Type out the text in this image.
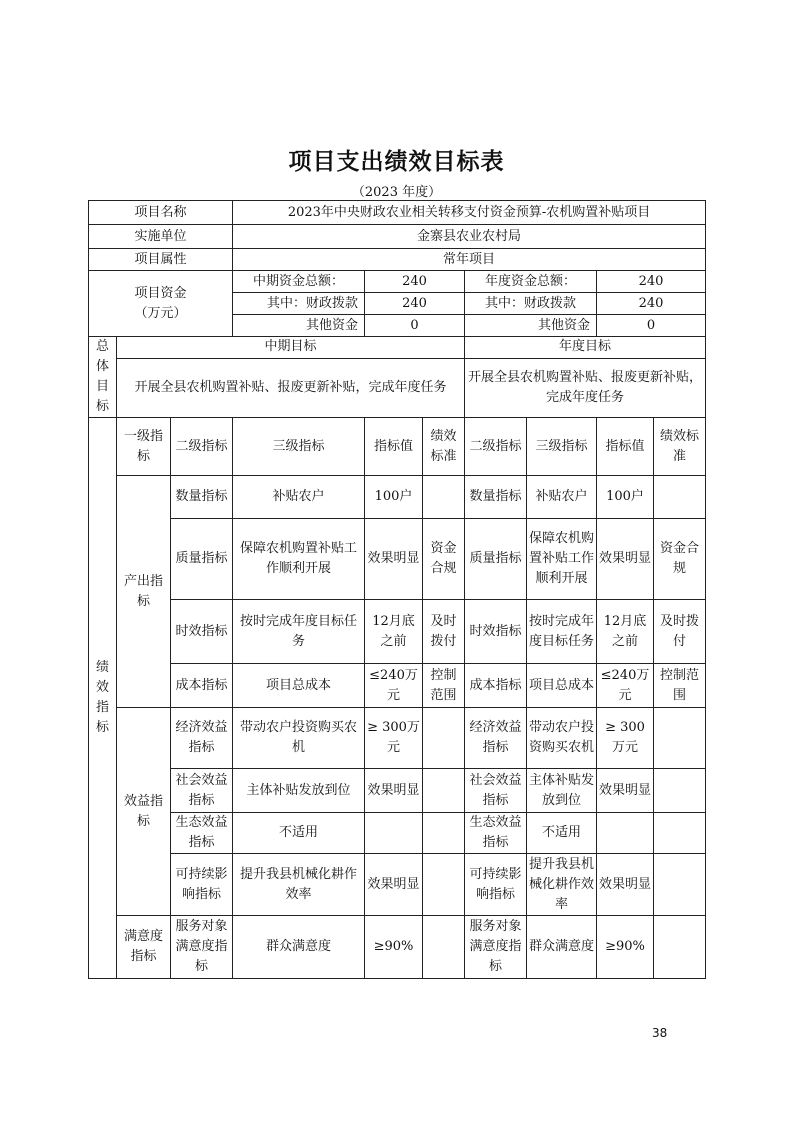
项目支出绩效目标表
（2023 年度）
项目名称			2023年中央财政农业相关转移支付资金预算-农机购置补贴项目						
实施单位			金寨县农业农村局						
项目属性			常年项目						

项目资金
（万元）			中期资金总额：	240		年度资金总额：		240	
			其中：财政拨款	240		其中：财政拨款		240	
			其他资金	0		其他资金		0	
总体目标	中期目标					年度目标			
	开展全县农机购置补贴、报废更新补贴，完成年度任务					开展全县农机购置补贴、报废更新补贴，完成年度任务			
绩效指标	一级指标	二级指标	三级指标	指标值	绩效标准	二级指标	三级指标	指标值	绩效标准
	产出指标	数量指标	补贴农户	100户		数量指标	补贴农户	100户	
		质量指标	保障农机购置补贴工作顺利开展	效果明显	资金合规	质量指标	保障农机购置补贴工作顺利开展	效果明显	资金合规
		时效指标	按时完成年度目标任务	12月底之前	及时拨付	时效指标	按时完成年度目标任务	12月底之前	及时拨付
		成本指标	项目总成本	≤240万元	控制范围	成本指标	项目总成本	≤240万元	控制范围
	效益指标	经济效益指标	带动农户投资购买农机	≥ 300万元		经济效益指标	带动农户投资购买农机	≥ 300万元	
		社会效益指标	主体补贴发放到位	效果明显		社会效益指标	主体补贴发放到位	效果明显	
		生态效益指标	不适用			生态效益指标	不适用		
		可持续影响指标	提升我县机械化耕作效率	效果明显		可持续影响指标	提升我县机械化耕作效率	效果明显	
	满意度指标	服务对象满意度指标	群众满意度	≥90%		服务对象满意度指标	群众满意度	≥90%	
38
